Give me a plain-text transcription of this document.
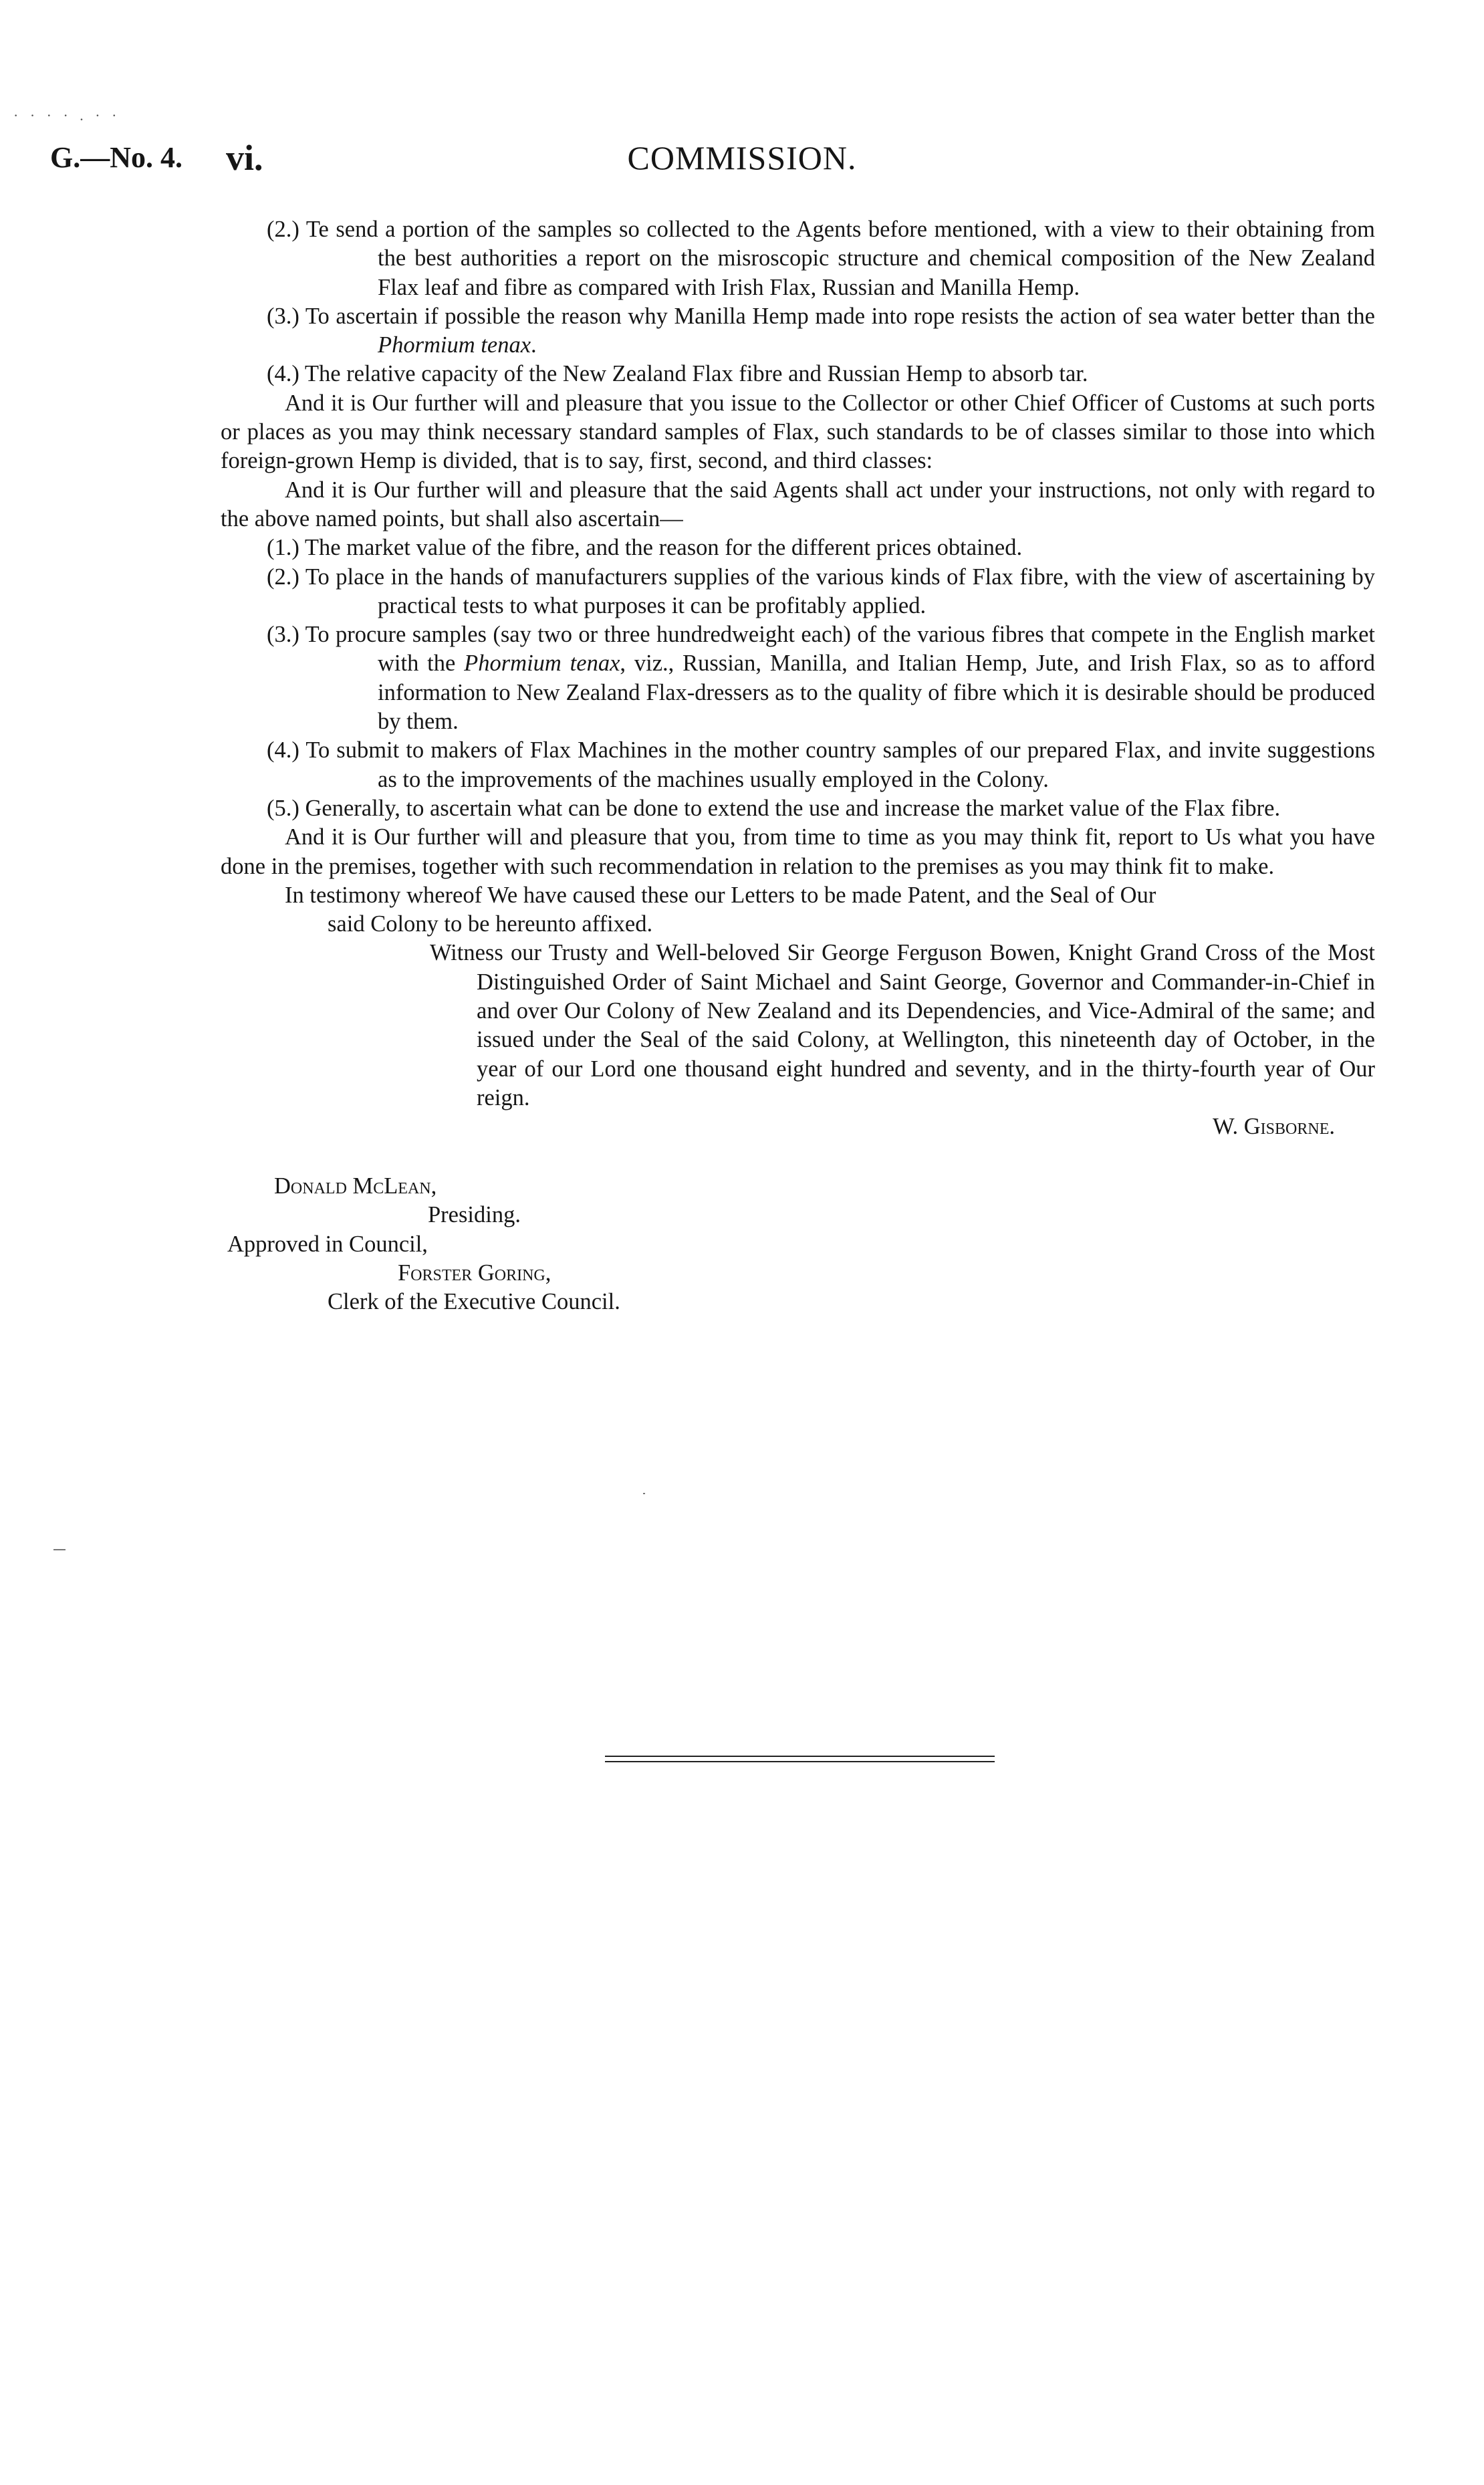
· · · · . · ·
G.—No. 4. vi.	COMMISSION.

(2.) Te send a portion of the samples so collected to the Agents before mentioned, with a view to their obtaining from the best authorities a report on the misroscopic structure and chemical composition of the New Zealand Flax leaf and fibre as compared with Irish Flax, Russian and Manilla Hemp.

(3.) To ascertain if possible the reason why Manilla Hemp made into rope resists the action of sea water better than the Phormium tenax.

(4.) The relative capacity of the New Zealand Flax fibre and Russian Hemp to absorb tar.

And it is Our further will and pleasure that you issue to the Collector or other Chief Officer of Customs at such ports or places as you may think necessary standard samples of Flax, such standards to be of classes similar to those into which foreign-grown Hemp is divided, that is to say, first, second, and third classes:

And it is Our further will and pleasure that the said Agents shall act under your instructions, not only with regard to the above named points, but shall also ascertain—

(1.) The market value of the fibre, and the reason for the different prices obtained.

(2.) To place in the hands of manufacturers supplies of the various kinds of Flax fibre, with the view of ascertaining by practical tests to what purposes it can be profitably applied.

(3.) To procure samples (say two or three hundredweight each) of the various fibres that compete in the English market with the Phormium tenax, viz., Russian, Manilla, and Italian Hemp, Jute, and Irish Flax, so as to afford information to New Zealand Flax-dressers as to the quality of fibre which it is desirable should be produced by them.

(4.) To submit to makers of Flax Machines in the mother country samples of our prepared Flax, and invite suggestions as to the improvements of the machines usually employed in the Colony.

(5.) Generally, to ascertain what can be done to extend the use and increase the market value of the Flax fibre.

And it is Our further will and pleasure that you, from time to time as you may think fit, report to Us what you have done in the premises, together with such recommendation in relation to the premises as you may think fit to make.

In testimony whereof We have caused these our Letters to be made Patent, and the Seal of Our

said Colony to be hereunto affixed.

Witness our Trusty and Well-beloved Sir George Ferguson Bowen, Knight Grand Cross of the Most Distinguished Order of Saint Michael and Saint George, Governor and Commander-in-Chief in and over Our Colony of New Zealand and its Dependencies, and Vice-Admiral of the same; and issued under the Seal of the said Colony, at Wellington, this nineteenth day of October, in the year of our Lord one thousand eight hundred and seventy, and in the thirty-fourth year of Our reign.

W. Gisborne.

Donald McLean,
Presiding.
Approved in Council,
Forster Goring,
Clerk of the Executive Council.
